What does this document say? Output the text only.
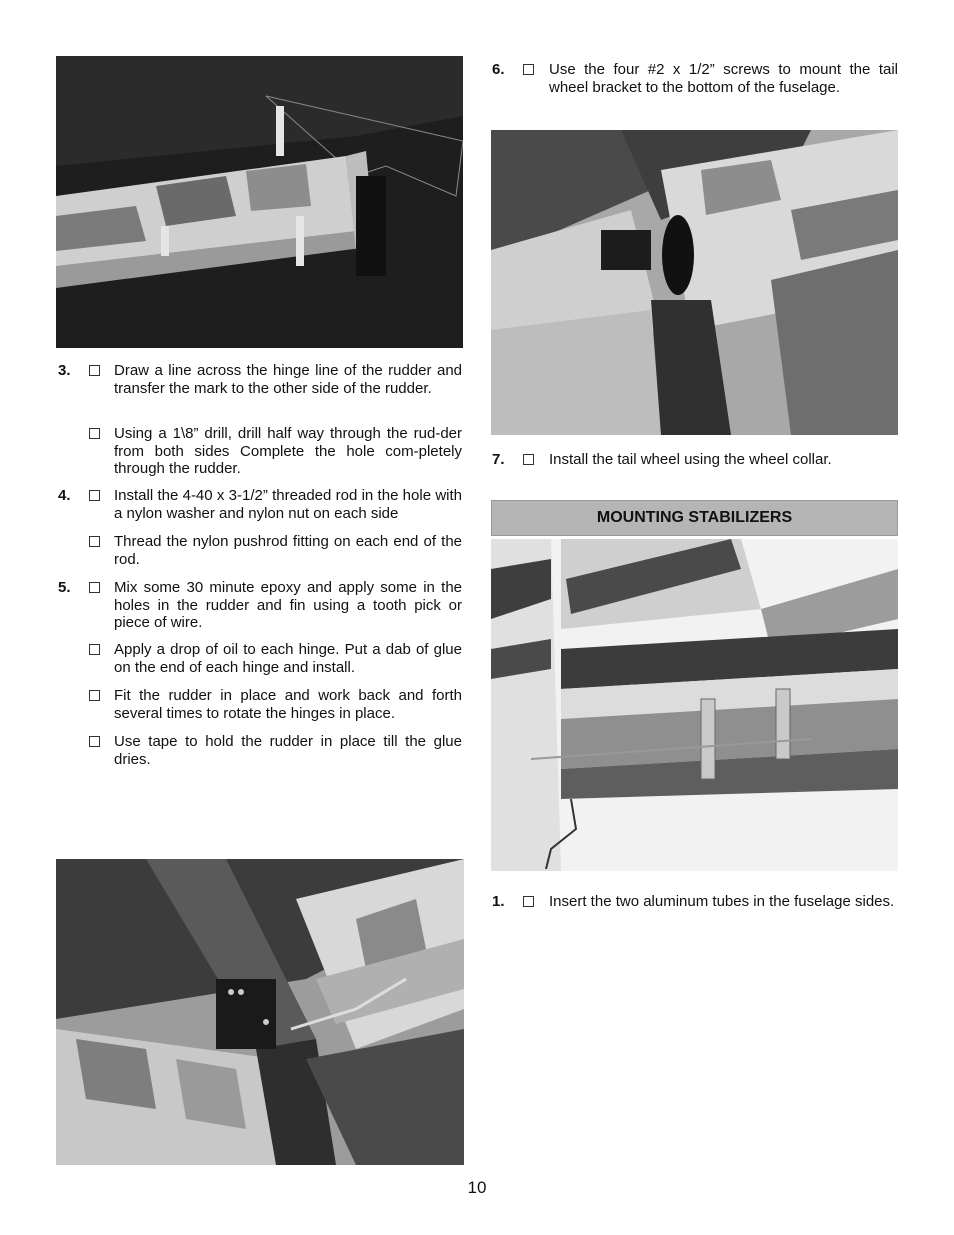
3.	Draw a line across the hinge line of the rudder and transfer the mark to the other side of the rudder.
Using a 1\8” drill, drill half way through the rud-der from both sides Complete the hole com-pletely through the rudder.
4.	Install the 4-40 x 3-1/2” threaded rod in the hole with a nylon washer and nylon nut on each side
Thread the nylon pushrod fitting on each end of the rod.
5.	Mix some 30 minute epoxy and apply some in the holes in the rudder and fin using a tooth pick or piece of wire.
Apply a drop of oil to each hinge. Put a dab of glue on the end of each hinge and install.
Fit the rudder in place and work back and forth several times to rotate the hinges in place.
Use tape to hold the rudder in place till the glue dries.
6.	Use the four #2 x 1/2” screws to mount the tail wheel bracket to the bottom of the fuselage.
7.	Install the tail wheel using the wheel collar.
MOUNTING STABILIZERS
1.	Insert the two aluminum tubes in the fuselage sides.
10
